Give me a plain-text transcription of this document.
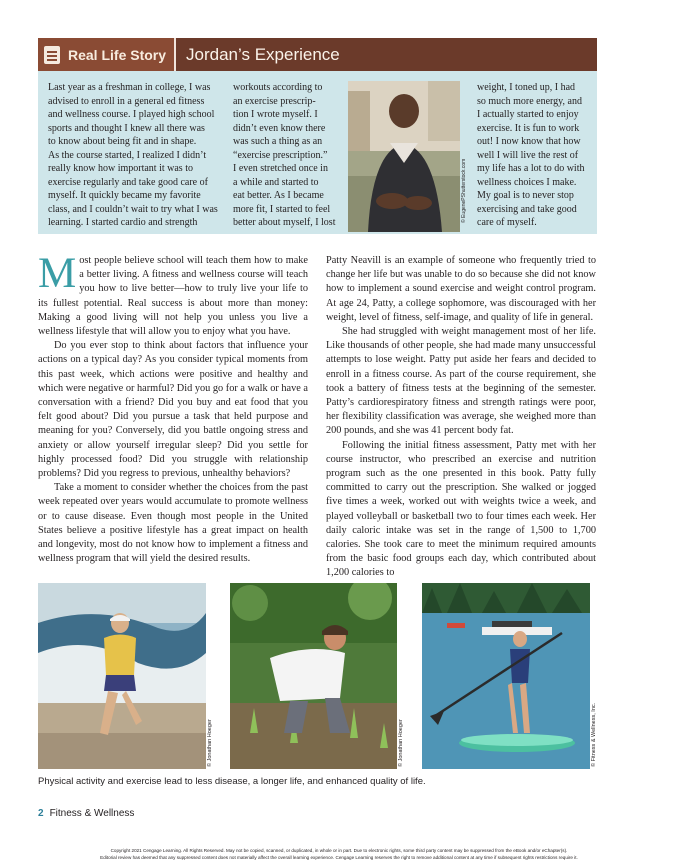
Real Life Story	Jordan’s Experience
Last year as a freshman in college, I was
advised to enroll in a general ed fitness
and wellness course. I played high school
sports and thought I knew all there was
to know about being fit and in shape.
As the course started, I realized I didn’t
really know how important it was to
exercise regularly and take good care of
myself. It quickly became my favorite
class, and I couldn’t wait to try what I was
learning. I started cardio and strength
workouts according to
an exercise prescrip-
tion I wrote myself. I
didn’t even know there
was such a thing as an
“exercise prescription.”
I even stretched once in
a while and started to
eat better. As I became
more fit, I started to feel
better about myself, I lost	© EugenePShutterstock.com
weight, I toned up, I had
so much more energy, and
I actually started to enjoy
exercise. It is fun to work
out! I now know that how
well I will live the rest of
my life has a lot to do with
wellness choices I make.
My goal is to never stop
exercising and take good
care of myself.

Most people believe school will teach them how to make a better living. A fitness and wellness course will teach you how to live better—how to truly live your life to its fullest potential. Real success is about more than money: Making a good living will not help you unless you live a wellness lifestyle that will allow you to enjoy what you have.

Do you ever stop to think about factors that influence your actions on a typical day? As you consider typical moments from this past week, which actions were positive and healthy and which were negative or harmful? Did you go for a walk or have a conversation with a friend? Did you buy and eat food that you felt good about? Did you pursue a task that held purpose and meaning for you? Conversely, did you battle ongoing stress and anxiety or allow yourself irregular sleep? Did you settle for highly processed food? Did you struggle with relationship problems? Did you regress to previous, unhealthy behaviors?

Take a moment to consider whether the choices from the past week repeated over years would accumulate to promote wellness or to cause disease. Even though most people in the United States believe a positive lifestyle has a great impact on health and longevity, most do not know how to implement a fitness and wellness program that will yield the desired results.

Patty Neavill is an example of someone who frequently tried to change her life but was unable to do so because she did not know how to implement a sound exercise and weight control program. At age 24, Patty, a college sophomore, was discouraged with her weight, level of fitness, self-image, and quality of life in general.

She had struggled with weight management most of her life. Like thousands of other people, she had made many unsuccessful attempts to lose weight. Patty put aside her fears and decided to enroll in a fitness course. As part of the course requirement, she took a battery of fitness tests at the beginning of the semester. Patty’s cardiorespiratory fitness and strength ratings were poor, her flexibility classification was average, she weighed more than 200 pounds, and she was 41 percent body fat.

Following the initial fitness assessment, Patty met with her course instructor, who prescribed an exercise and nutrition program such as the one presented in this book. Patty fully committed to carry out the prescription. She walked or jogged five times a week, worked out with weights twice a week, and played volleyball or basketball two to four times each week. Her daily caloric intake was set in the range of 1,500 to 1,700 calories. She took care to meet the minimum required amounts from the basic food groups each day, which contributed about 1,200 calories to

© Jonathan Hoeger	© Jonathan Hoeger	© Fitness & Wellness, Inc.
Physical activity and exercise lead to less disease, a longer life, and enhanced quality of life.
2 Fitness & Wellness
Copyright 2021 Cengage Learning. All Rights Reserved. May not be copied, scanned, or duplicated, in whole or in part. Due to electronic rights, some third party content may be suppressed from the eBook and/or eChapter(s).
Editorial review has deemed that any suppressed content does not materially affect the overall learning experience. Cengage Learning reserves the right to remove additional content at any time if subsequent rights restrictions require it.
